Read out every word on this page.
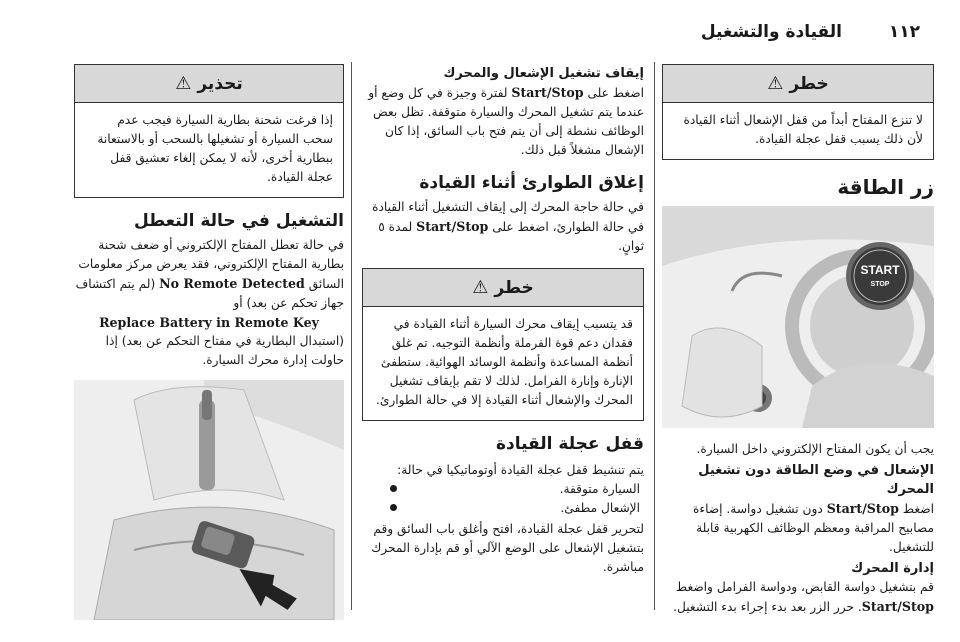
١١٢
القيادة والتشغيل
خطر
⚠
لا تنزع المفتاح أبداً من قفل الإشعال أثناء القيادة لأن ذلك يسبب قفل عجلة القيادة.
زر الطاقة
START
STOP
يجب أن يكون المفتاح الإلكتروني داخل السيارة.
الإشعال في وضع الطاقة دون تشغيل المحرك
اضغط Start/Stop دون تشغيل دواسة. إضاءة مصابيح المراقبة ومعظم الوظائف الكهربية قابلة للتشغيل.
إدارة المحرك
قم بتشغيل دواسة القابض، ودواسة الفرامل واضغط Start/Stop. حرر الزر بعد بدء إجراء بدء التشغيل.
إيقاف تشغيل الإشعال والمحرك
اضغط على Start/Stop لفترة وجيزة في كل وضع أو عندما يتم تشغيل المحرك والسيارة متوقفة. تظل بعض الوظائف نشطة إلى أن يتم فتح باب السائق، إذا كان الإشعال مشغلاً قبل ذلك.
إغلاق الطوارئ أثناء القيادة
في حالة حاجة المحرك إلى إيقاف التشغيل أثناء القيادة في حالة الطوارئ، اضغط على Start/Stop لمدة ٥ ثوانٍ.
خطر
⚠
قد يتسبب إيقاف محرك السيارة أثناء القيادة في فقدان دعم قوة الفرملة وأنظمة التوجيه. تم غلق أنظمة المساعدة وأنظمة الوسائد الهوائية. ستطفئ الإنارة وإنارة الفرامل. لذلك لا تقم بإيقاف تشغيل المحرك والإشعال أثناء القيادة إلا في حالة الطوارئ.
قفل عجلة القيادة
يتم تنشيط قفل عجلة القيادة أوتوماتيكيا في حالة:
السيارة متوقفة.
الإشعال مطفئ.
لتحرير قفل عجلة القيادة، افتح وأغلق باب السائق وقم بتشغيل الإشعال على الوضع الآلي أو قم بإدارة المحرك مباشرة.
تحذير
⚠
إذا فرغت شحنة بطارية السيارة فيجب عدم سحب السيارة أو تشغيلها بالسحب أو بالاستعانة ببطارية أخرى، لأنه لا يمكن إلغاء تعشيق قفل عجلة القيادة.
التشغيل في حالة التعطل
في حالة تعطل المفتاح الإلكتروني أو ضعف شحنة بطارية المفتاح الإلكتروني، فقد يعرض مركز معلومات السائق No Remote Detected (لم يتم اكتشاف جهاز تحكم عن بعد) أو
Replace Battery in Remote Key
(استبدال البطارية في مفتاح التحكم عن بعد) إذا حاولت إدارة محرك السيارة.
